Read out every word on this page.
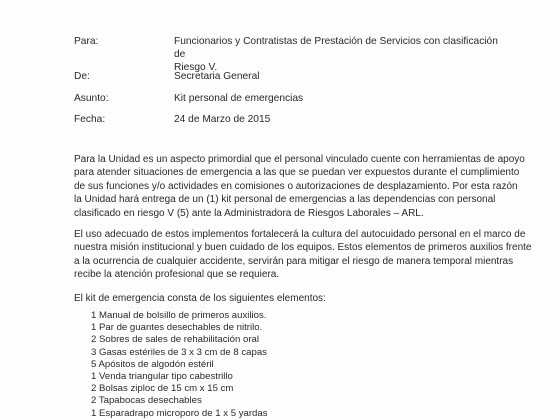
Para:	Funcionarios y Contratistas de Prestación de Servicios con clasificación de
Riesgo V.
De:	Secretaria General
Asunto:	Kit personal de emergencias
Fecha:	24 de Marzo de 2015
Para la Unidad es un aspecto primordial que el personal vinculado cuente con herramientas de apoyo
para atender situaciones de emergencia a las que se puedan ver expuestos durante el cumplimiento
de sus funciones y/o actividades en comisiones o autorizaciones de desplazamiento. Por esta razón
la Unidad hará entrega de un (1) kit personal de emergencias a las dependencias con personal
clasificado en riesgo V (5) ante la Administradora de Riesgos Laborales – ARL.
El uso adecuado de estos implementos fortalecerá la cultura del autocuidado personal en el marco de
nuestra misión institucional y buen cuidado de los equipos. Estos elementos de primeros auxilios frente
a la ocurrencia de cualquier accidente, servirán para mitigar el riesgo de manera temporal mientras
recibe la atención profesional que se requiera.
El kit de emergencia consta de los siguientes elementos:
1 Manual de bolsillo de primeros auxilios.
1 Par de guantes desechables de nitrilo.
2 Sobres de sales de rehabilitación oral
3 Gasas estériles de 3 x 3 cm de 8 capas
5 Apósitos de algodón estéril
1 Venda triangular tipo cabestrillo
2 Bolsas ziploc de 15 cm x 15 cm
2 Tapabocas desechables
1 Esparadrapo microporo de 1 x 5 yardas
